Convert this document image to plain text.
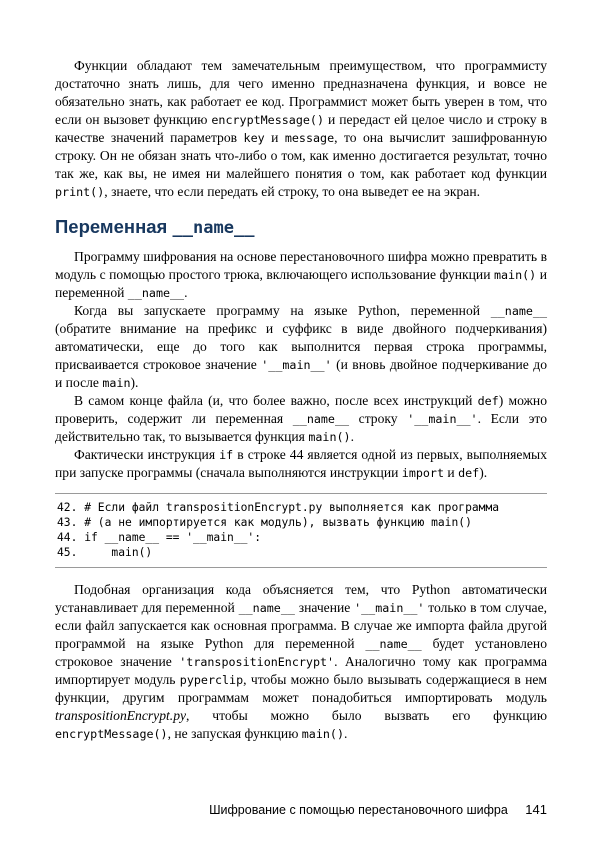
Функции обладают тем замечательным преимуществом, что программисту достаточно знать лишь, для чего именно предназначена функция, и вовсе не обязательно знать, как работает ее код. Программист может быть уверен в том, что если он вызовет функцию encryptMessage() и передаст ей целое число и строку в качестве значений параметров key и message, то она вычислит зашифрованную строку. Он не обязан знать что-либо о том, как именно достигается результат, точно так же, как вы, не имея ни малейшего понятия о том, как работает код функции print(), знаете, что если передать ей строку, то она выведет ее на экран.

Переменная __name__

Программу шифрования на основе перестановочного шифра можно превратить в модуль с помощью простого трюка, включающего использование функции main() и переменной __name__.

Когда вы запускаете программу на языке Python, переменной __name__ (обратите внимание на префикс и суффикс в виде двойного подчеркивания) автоматически, еще до того как выполнится первая строка программы, присваивается строковое значение '__main__' (и вновь двойное подчеркивание до и после main).

В самом конце файла (и, что более важно, после всех инструкций def) можно проверить, содержит ли переменная __name__ строку '__main__'. Если это действительно так, то вызывается функция main().

Фактически инструкция if в строке 44 является одной из первых, выполняемых при запуске программы (сначала выполняются инструкции import и def).

42. # Если файл transpositionEncrypt.py выполняется как программа
43. # (а не импортируется как модуль), вызвать функцию main()
44. if __name__ == '__main__':
45.     main()

Подобная организация кода объясняется тем, что Python автоматически устанавливает для переменной __name__ значение '__main__' только в том случае, если файл запускается как основная программа. В случае же импорта файла другой программой на языке Python для переменной __name__ будет установлено строковое значение 'transpositionEncrypt'. Аналогично тому как программа импортирует модуль pyperclip, чтобы можно было вызывать содержащиеся в нем функции, другим программам может понадобиться импортировать модуль transpositionEncrypt.py, чтобы можно было вызвать его функцию encryptMessage(), не запуская функцию main().

Шифрование с помощью перестановочного шифра 141
